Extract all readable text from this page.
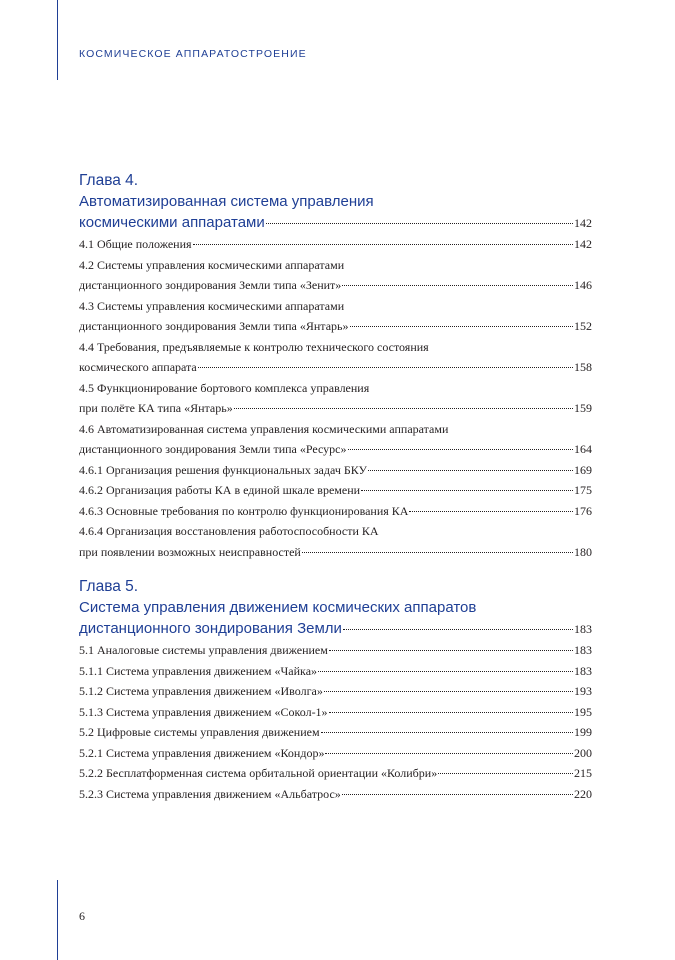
КОСМИЧЕСКОЕ АППАРАТОСТРОЕНИЕ
Глава 4.
Автоматизированная система управления
космическими аппаратами	142
4.1 Общие положения	142
4.2 Системы управления космическими аппаратами
дистанционного зондирования Земли типа «Зенит»	146
4.3 Системы управления космическими аппаратами
дистанционного зондирования Земли типа «Янтарь»	152
4.4 Требования, предъявляемые к контролю технического состояния
космического аппарата	158
4.5 Функционирование бортового комплекса управления
при полёте КА типа «Янтарь»	159
4.6 Автоматизированная система управления космическими аппаратами
дистанционного зондирования Земли типа «Ресурс»	164
4.6.1 Организация решения функциональных задач БКУ	169
4.6.2 Организация работы КА в единой шкале времени	175
4.6.3 Основные требования по контролю функционирования КА	176
4.6.4 Организация восстановления работоспособности КА
при появлении возможных неисправностей	180
Глава 5.
Система управления движением космических аппаратов
дистанционного зондирования Земли	183
5.1 Аналоговые системы управления движением	183
5.1.1 Система управления движением «Чайка»	183
5.1.2 Система управления движением «Иволга»	193
5.1.3 Система управления движением «Сокол-1»	195
5.2 Цифровые системы управления движением	199
5.2.1 Система управления движением «Кондор»	200
5.2.2 Бесплатформенная система орбитальной ориентации «Колибри»	215
5.2.3 Система управления движением «Альбатрос»	220
6
